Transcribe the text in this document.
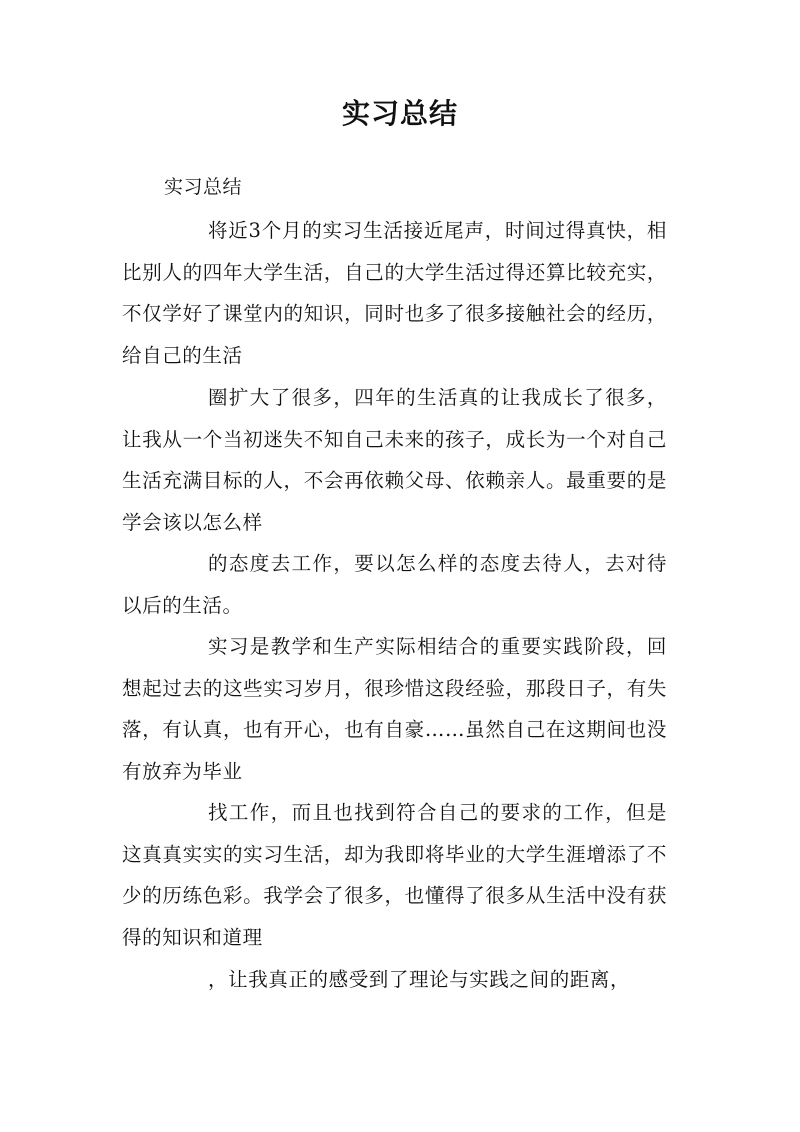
实习总结
实习总结
将近3个月的实习生活接近尾声，时间过得真快，相比别人的四年大学生活，自己的大学生活过得还算比较充实，不仅学好了课堂内的知识，同时也多了很多接触社会的经历，给自己的生活
圈扩大了很多，四年的生活真的让我成长了很多，让我从一个当初迷失不知自己未来的孩子，成长为一个对自己生活充满目标的人，不会再依赖父母、依赖亲人。最重要的是学会该以怎么样
的态度去工作，要以怎么样的态度去待人，去对待以后的生活。
实习是教学和生产实际相结合的重要实践阶段，回想起过去的这些实习岁月，很珍惜这段经验，那段日子，有失落，有认真，也有开心，也有自豪……虽然自己在这期间也没有放弃为毕业
找工作，而且也找到符合自己的要求的工作，但是这真真实实的实习生活，却为我即将毕业的大学生涯增添了不少的历练色彩。我学会了很多，也懂得了很多从生活中没有获得的知识和道理
，让我真正的感受到了理论与实践之间的距离，
